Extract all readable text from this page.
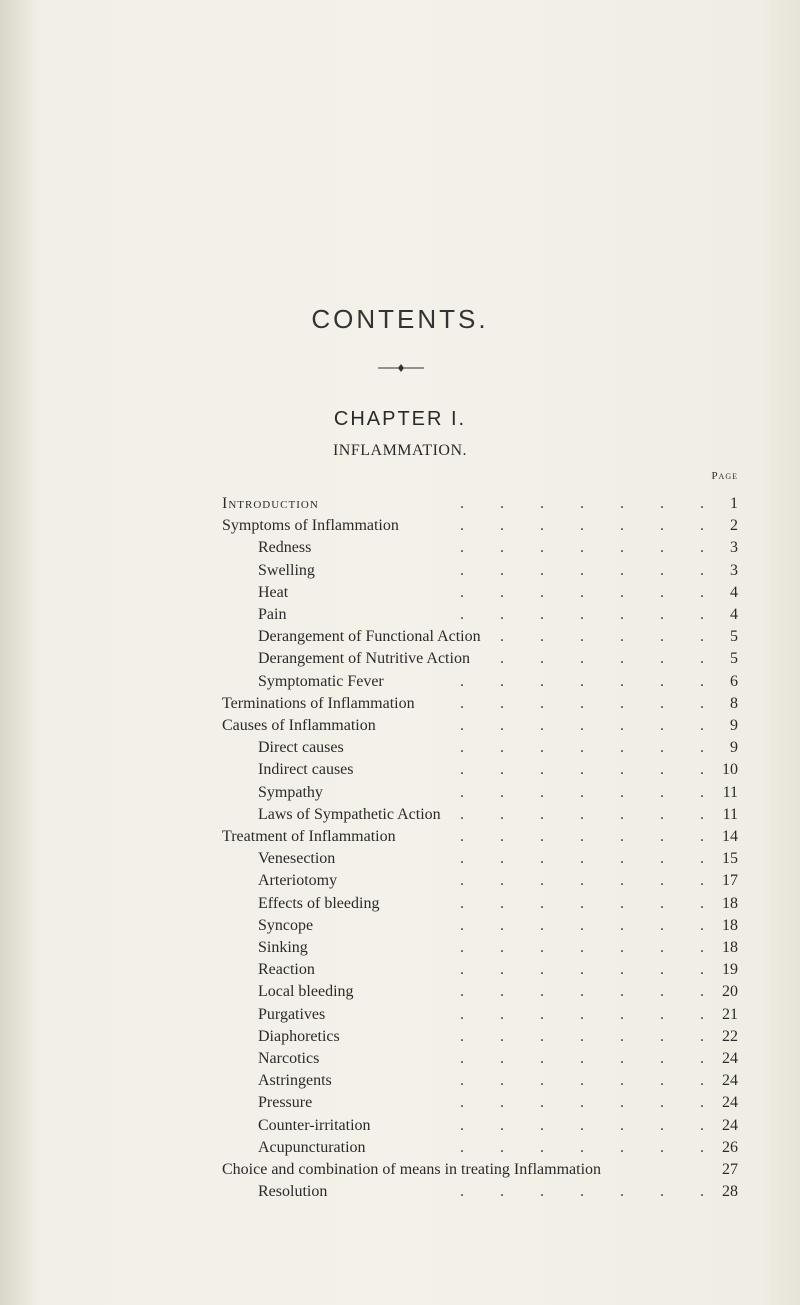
CONTENTS.
CHAPTER I.
INFLAMMATION.
Page
Introduction	. . . . . . .	1
Symptoms of Inflammation	. . . . . . .	2
Redness	. . . . . . .	3
Swelling	. . . . . . .	3
Heat	. . . . . . .	4
Pain	. . . . . . .	4
Derangement of Functional Action	. . . . . .	5
Derangement of Nutritive Action	. . . . . .	5
Symptomatic Fever	. . . . . . .	6
Terminations of Inflammation	. . . . . . .	8
Causes of Inflammation	. . . . . . .	9
Direct causes	. . . . . . .	9
Indirect causes	. . . . . . .	10
Sympathy	. . . . . . .	11
Laws of Sympathetic Action	. . . . . . .	11
Treatment of Inflammation	. . . . . . .	14
Venesection	. . . . . . .	15
Arteriotomy	. . . . . . .	17
Effects of bleeding	. . . . . . .	18
Syncope	. . . . . . .	18
Sinking	. . . . . . .	18
Reaction	. . . . . . .	19
Local bleeding	. . . . . . .	20
Purgatives	. . . . . . .	21
Diaphoretics	. . . . . . .	22
Narcotics	. . . . . . .	24
Astringents	. . . . . . .	24
Pressure	. . . . . . .	24
Counter-irritation	. . . . . . .	24
Acupuncturation	. . . . . . .	26
Choice and combination of means in treating Inflammation	27
Resolution	. . . . . . .	28
